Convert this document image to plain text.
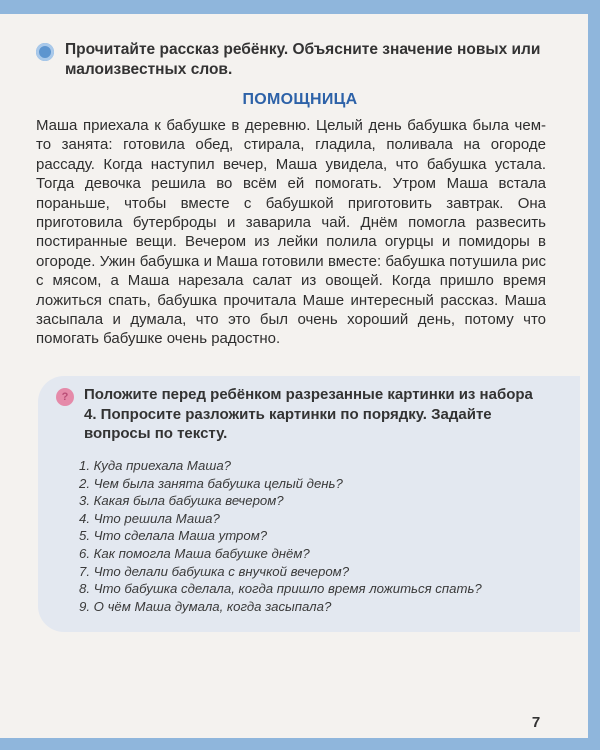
Прочитайте рассказ ребёнку. Объясните значение новых или малоизвестных слов.
ПОМОЩНИЦА
Маша приехала к бабушке в деревню. Целый день бабушка была чем-то занята: готовила обед, стирала, гладила, поливала на огороде рассаду. Когда наступил вечер, Маша увидела, что бабушка устала. Тогда девочка решила во всём ей помогать. Утром Маша встала пораньше, чтобы вместе с бабушкой приготовить завтрак. Она приготовила бутерброды и заварила чай. Днём помогла развесить постиранные вещи. Вечером из лейки полила огурцы и помидоры в огороде. Ужин бабушка и Маша готовили вместе: бабушка потушила рис с мясом, а Маша нарезала салат из овощей. Когда пришло время ложиться спать, бабушка прочитала Маше интересный рассказ. Маша засыпала и думала, что это был очень хороший день, потому что помогать бабушке очень радостно.
?	Положите перед ребёнком разрезанные картинки из набора 4. Попросите разложить картинки по порядку. Задайте вопросы по тексту.
1. Куда приехала Маша?
2. Чем была занята бабушка целый день?
3. Какая была бабушка вечером?
4. Что решила Маша?
5. Что сделала Маша утром?
6. Как помогла Маша бабушке днём?
7. Что делали бабушка с внучкой вечером?
8. Что бабушка сделала, когда пришло время ложиться спать?
9. О чём Маша думала, когда засыпала?
7
